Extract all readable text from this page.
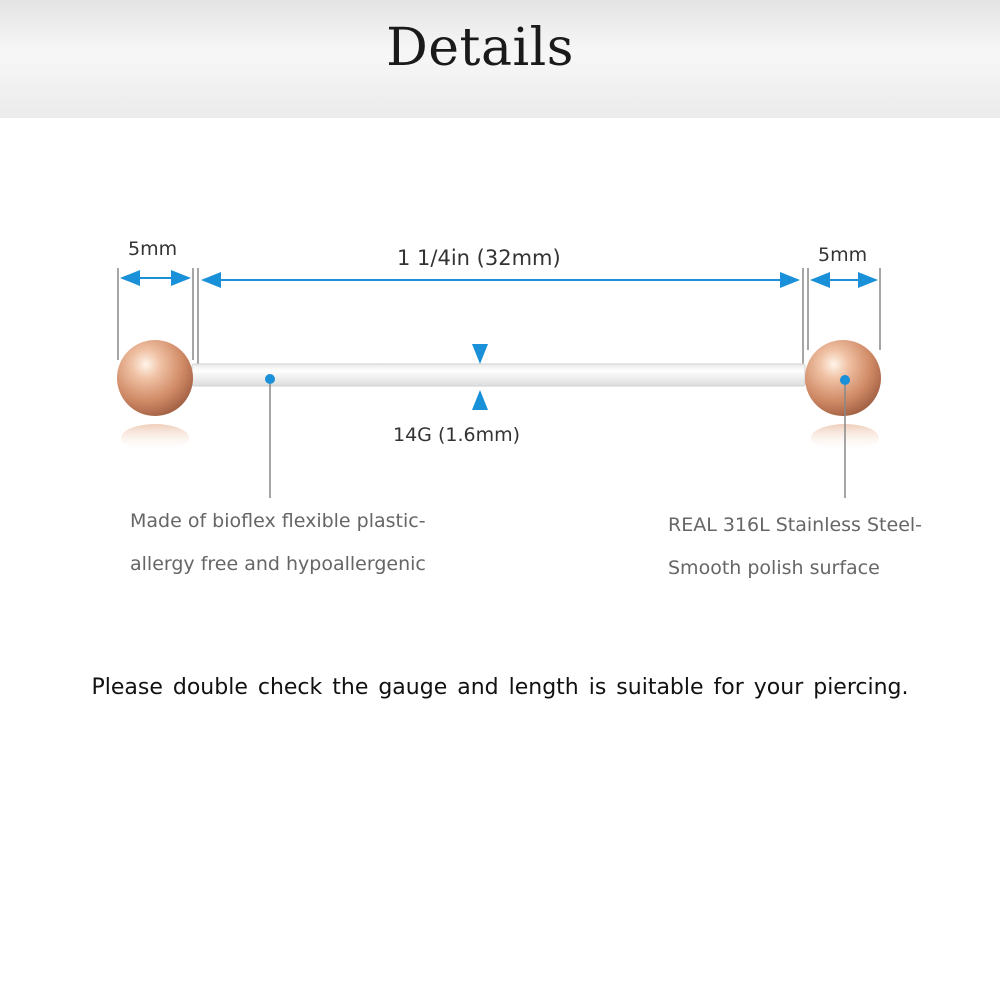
Details
5mm	1 1/4in (32mm)	5mm
14G (1.6mm)
Made of bioflex flexible plastic-
allergy free and hypoallergenic
REAL 316L Stainless Steel-
Smooth polish surface
Please double check the gauge and length is suitable for your piercing.
